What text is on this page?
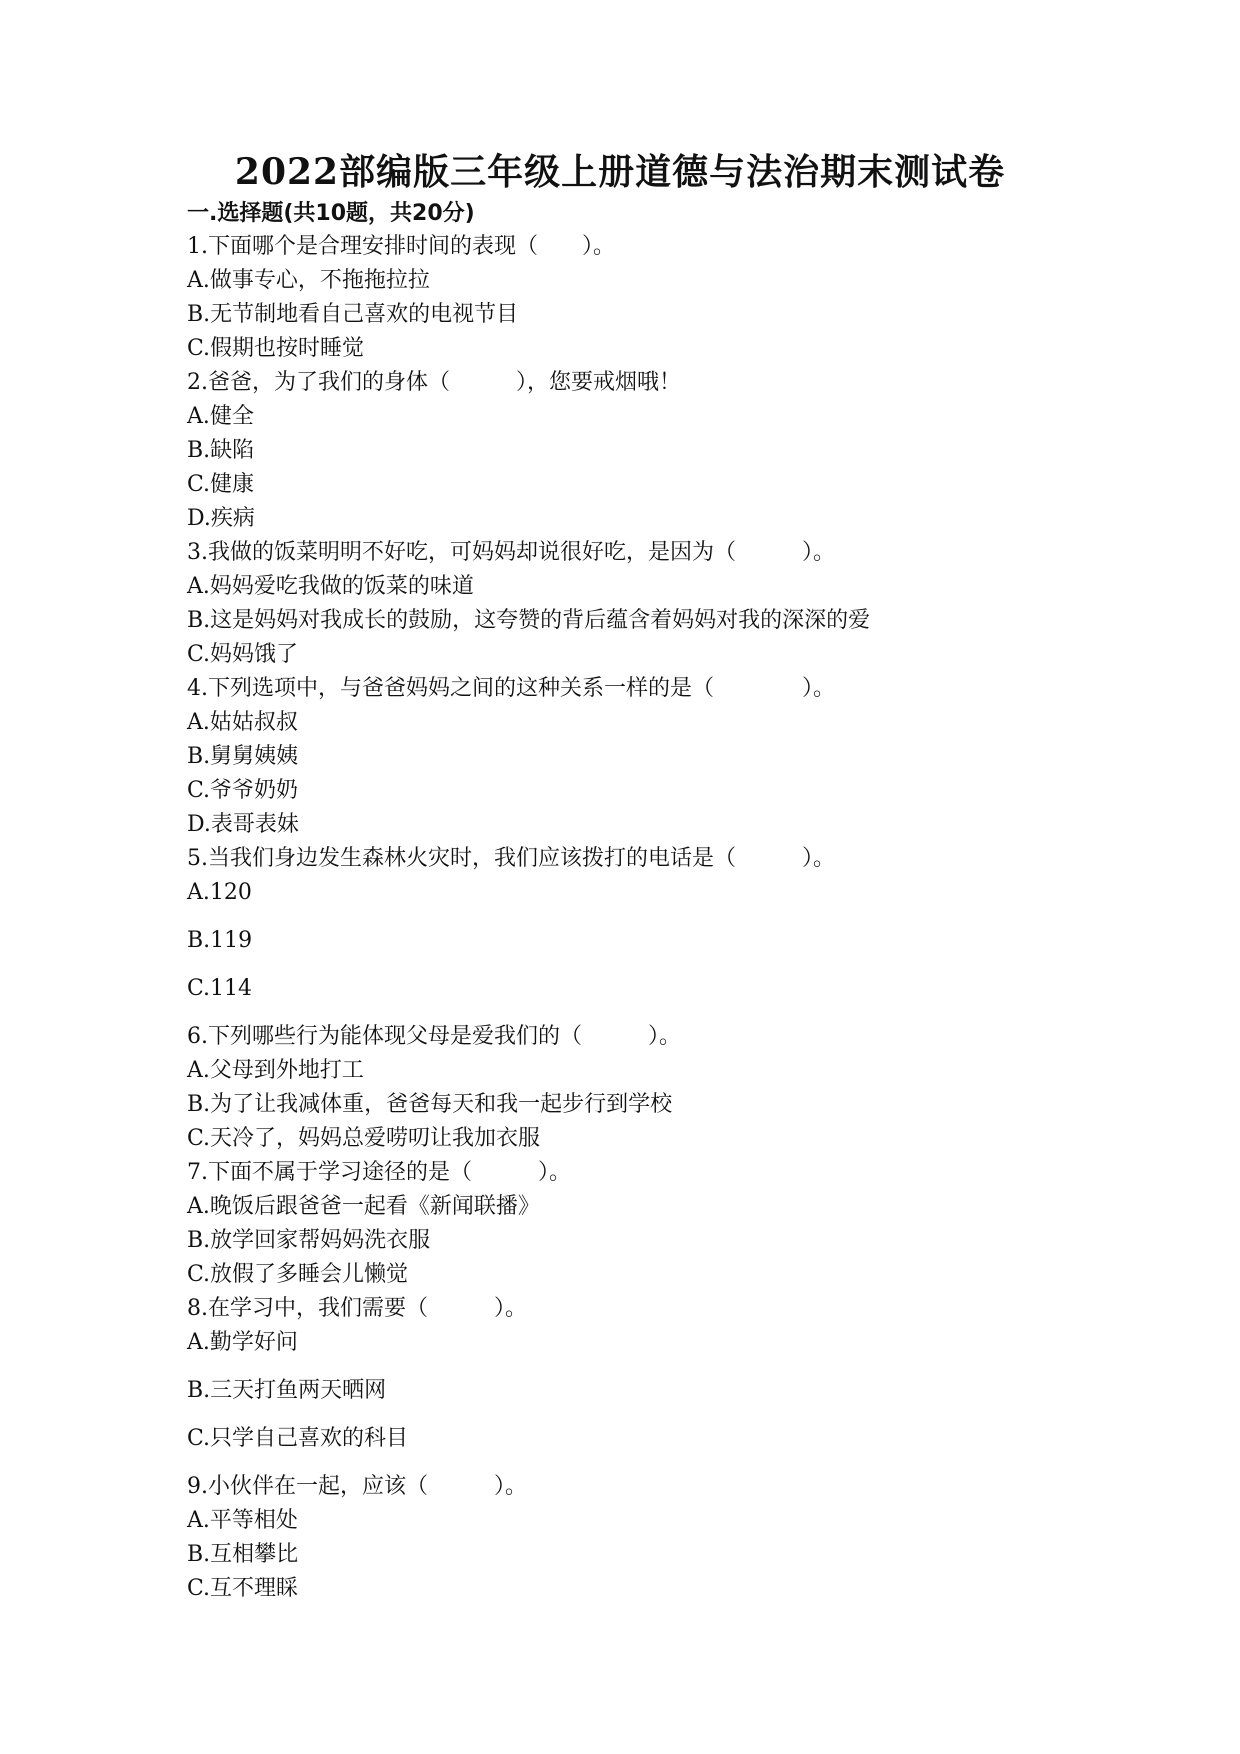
2022部编版三年级上册道德与法治期末测试卷
一.选择题(共10题，共20分)
1.下面哪个是合理安排时间的表现（　　）。
A.做事专心，不拖拖拉拉
B.无节制地看自己喜欢的电视节目
C.假期也按时睡觉
2.爸爸，为了我们的身体（　　　），您要戒烟哦！
A.健全
B.缺陷
C.健康
D.疾病
3.我做的饭菜明明不好吃，可妈妈却说很好吃，是因为（　　　）。
A.妈妈爱吃我做的饭菜的味道
B.这是妈妈对我成长的鼓励，这夸赞的背后蕴含着妈妈对我的深深的爱
C.妈妈饿了
4.下列选项中，与爸爸妈妈之间的这种关系一样的是（　　　　）。
A.姑姑叔叔
B.舅舅姨姨
C.爷爷奶奶
D.表哥表妹
5.当我们身边发生森林火灾时，我们应该拨打的电话是（　　　）。
A.120
B.119
C.114
6.下列哪些行为能体现父母是爱我们的（　　　）。
A.父母到外地打工
B.为了让我减体重，爸爸每天和我一起步行到学校
C.天冷了，妈妈总爱唠叨让我加衣服
7.下面不属于学习途径的是（　　　）。
A.晚饭后跟爸爸一起看《新闻联播》
B.放学回家帮妈妈洗衣服
C.放假了多睡会儿懒觉
8.在学习中，我们需要（　　　）。
A.勤学好问
B.三天打鱼两天晒网
C.只学自己喜欢的科目
9.小伙伴在一起，应该（　　　）。
A.平等相处
B.互相攀比
C.互不理睬
